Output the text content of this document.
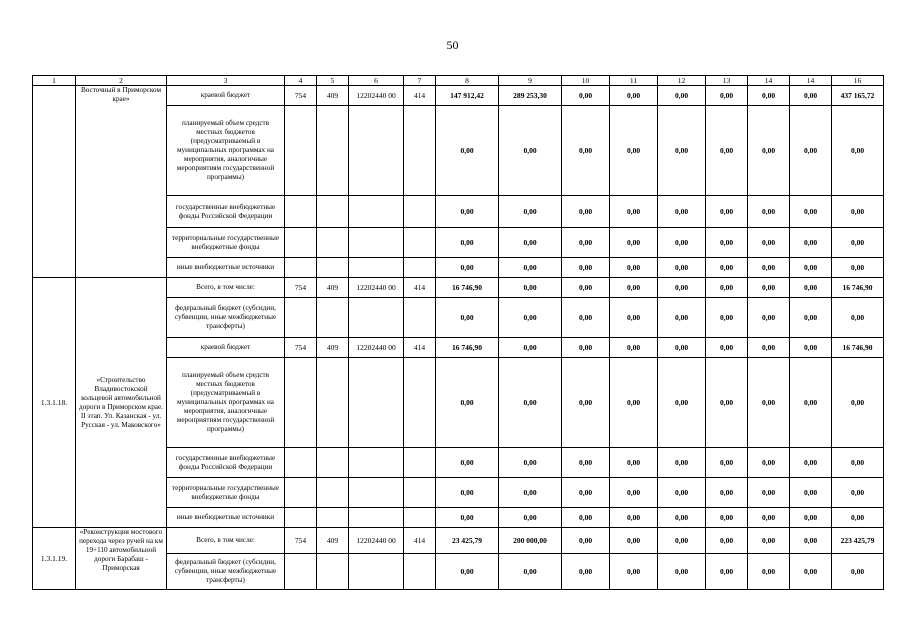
50
1	2	3	4	5	6	7	8	9	10	11	12	13	14	14	16
	Восточный в Приморском крае»	краевой бюджет	754	409	12202440 00	414	147 912,42	289 253,30	0,00	0,00	0,00	0,00	0,00	0,00	437 165,72
		планируемый объем средств местных бюджетов (предусматриваемый в муниципальных программах на мероприятия, аналогичные мероприятиям государственной программы)					0,00	0,00	0,00	0,00	0,00	0,00	0,00	0,00	0,00
		государственные внебюджетные фонды Российской Федерации					0,00	0,00	0,00	0,00	0,00	0,00	0,00	0,00	0,00
		территориальные государственные внебюджетные фонды					0,00	0,00	0,00	0,00	0,00	0,00	0,00	0,00	0,00
		иные внебюджетные источники					0,00	0,00	0,00	0,00	0,00	0,00	0,00	0,00	0,00
1.3.1.18.	«Строительство Владивостокской кольцевой автомобильной дороги в Приморском крае. II этап. Ул. Казанская - ул. Русская - ул. Маковского»	Всего, в том числе:	754	409	12202440 00	414	16 746,90	0,00	0,00	0,00	0,00	0,00	0,00	0,00	16 746,90
		федеральный бюджет (субсидии, субвенции, иные межбюджетные трансферты)					0,00	0,00	0,00	0,00	0,00	0,00	0,00	0,00	0,00
		краевой бюджет	754	409	12202440 00	414	16 746,90	0,00	0,00	0,00	0,00	0,00	0,00	0,00	16 746,90
		планируемый объем средств местных бюджетов (предусматриваемый в муниципальных программах на мероприятия, аналогичные мероприятиям государственной программы)					0,00	0,00	0,00	0,00	0,00	0,00	0,00	0,00	0,00
		государственные внебюджетные фонды Российской Федерации					0,00	0,00	0,00	0,00	0,00	0,00	0,00	0,00	0,00
		территориальные государственные внебюджетные фонды					0,00	0,00	0,00	0,00	0,00	0,00	0,00	0,00	0,00
		иные внебюджетные источники					0,00	0,00	0,00	0,00	0,00	0,00	0,00	0,00	0,00
1.3.1.19.	«Реконструкция мостового перехода через ручей на км 19+110 автомобильной дороги Барабаш - Приморская	Всего, в том числе:	754	409	12202440 00	414	23 425,79	200 000,00	0,00	0,00	0,00	0,00	0,00	0,00	223 425,79
		федеральный бюджет (субсидии, субвенции, иные межбюджетные трансферты)					0,00	0,00	0,00	0,00	0,00	0,00	0,00	0,00	0,00
